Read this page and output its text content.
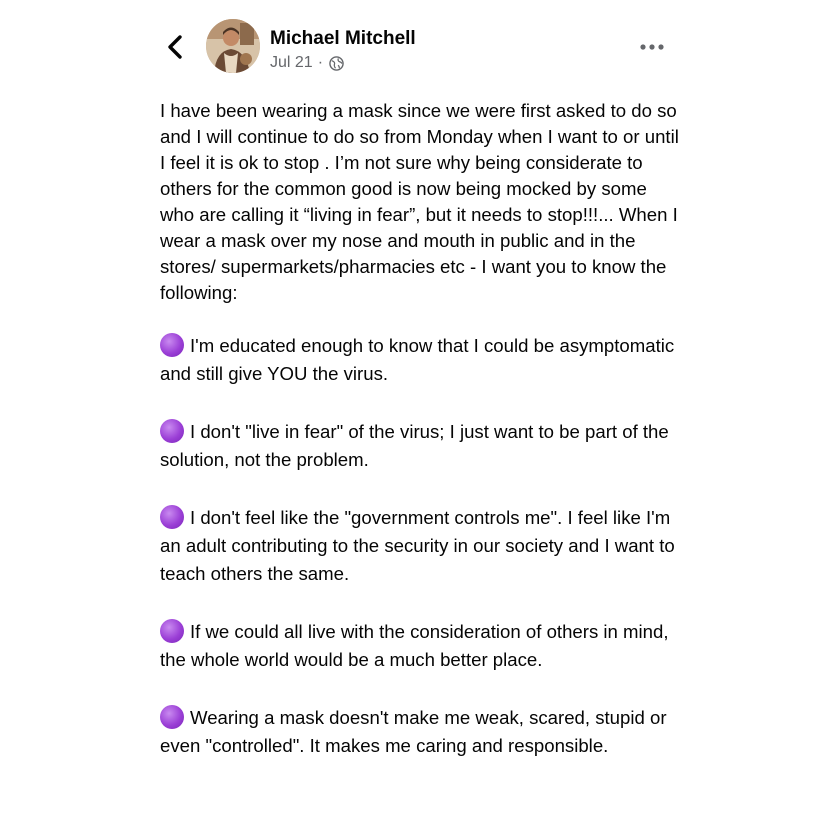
Michael Mitchell
Jul 21 ·

I have been wearing a mask since we were first asked to do so and I will continue to do so from Monday when I want to or until I feel it is ok to stop . I’m not sure why being considerate to others for the common good is now being mocked by some who are calling it “living in fear”, but it needs to stop!!!... When I wear a mask over my nose and mouth in public and in the stores/ supermarkets/pharmacies etc - I want you to know the following:

I'm educated enough to know that I could be asymptomatic and still give YOU the virus.

I don't "live in fear" of the virus; I just want to be part of the solution, not the problem.

I don't feel like the "government controls me". I feel like I'm an adult contributing to the security in our society and I want to teach others the same.

If we could all live with the consideration of others in mind, the whole world would be a much better place.

Wearing a mask doesn't make me weak, scared, stupid or even "controlled". It makes me caring and responsible.
